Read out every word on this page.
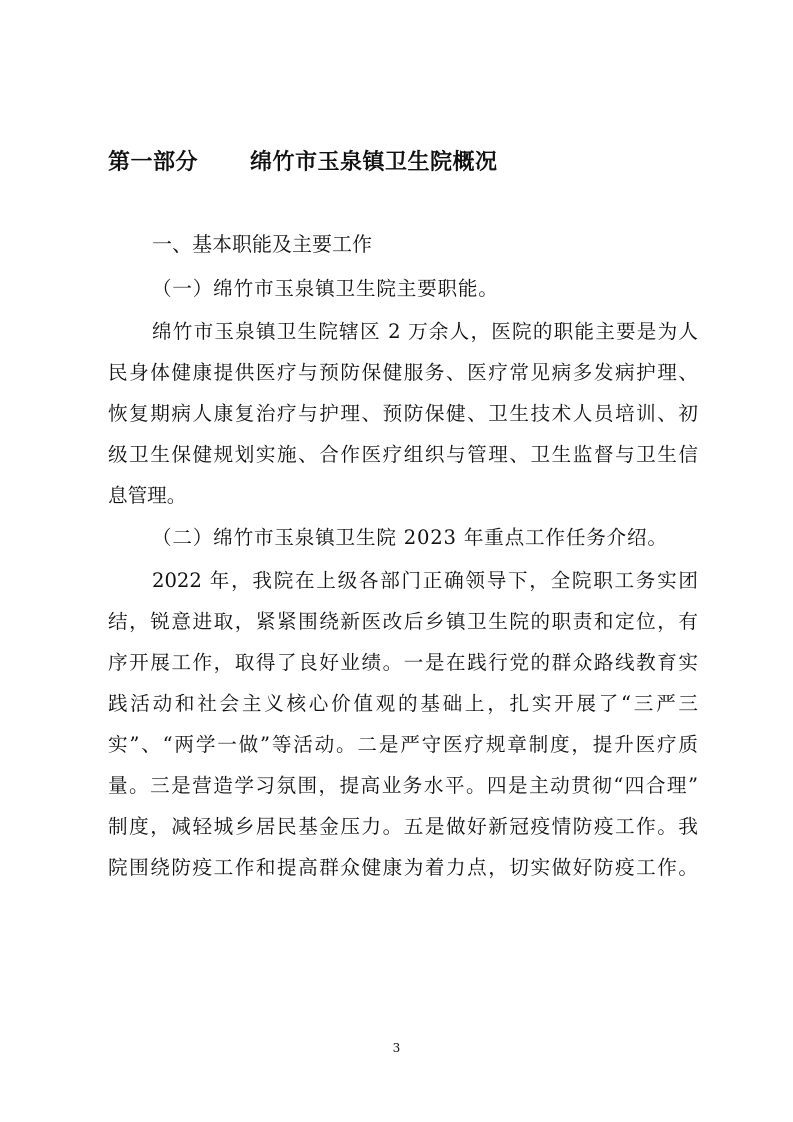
第一部分 绵竹市玉泉镇卫生院概况
一、基本职能及主要工作
（一）绵竹市玉泉镇卫生院主要职能。
绵竹市玉泉镇卫生院辖区 2 万余人，医院的职能主要是为人
民身体健康提供医疗与预防保健服务、医疗常见病多发病护理、
恢复期病人康复治疗与护理、预防保健、卫生技术人员培训、初
级卫生保健规划实施、合作医疗组织与管理、卫生监督与卫生信
息管理。
（二）绵竹市玉泉镇卫生院 2023 年重点工作任务介绍。
2022 年，我院在上级各部门正确领导下，全院职工务实团
结，锐意进取，紧紧围绕新医改后乡镇卫生院的职责和定位，有
序开展工作，取得了良好业绩。一是在践行党的群众路线教育实
践活动和社会主义核心价值观的基础上，扎实开展了“三严三
实”、“两学一做”等活动。二是严守医疗规章制度，提升医疗质
量。三是营造学习氛围，提高业务水平。四是主动贯彻“四合理”
制度，减轻城乡居民基金压力。五是做好新冠疫情防疫工作。我
院围绕防疫工作和提高群众健康为着力点，切实做好防疫工作。
3
